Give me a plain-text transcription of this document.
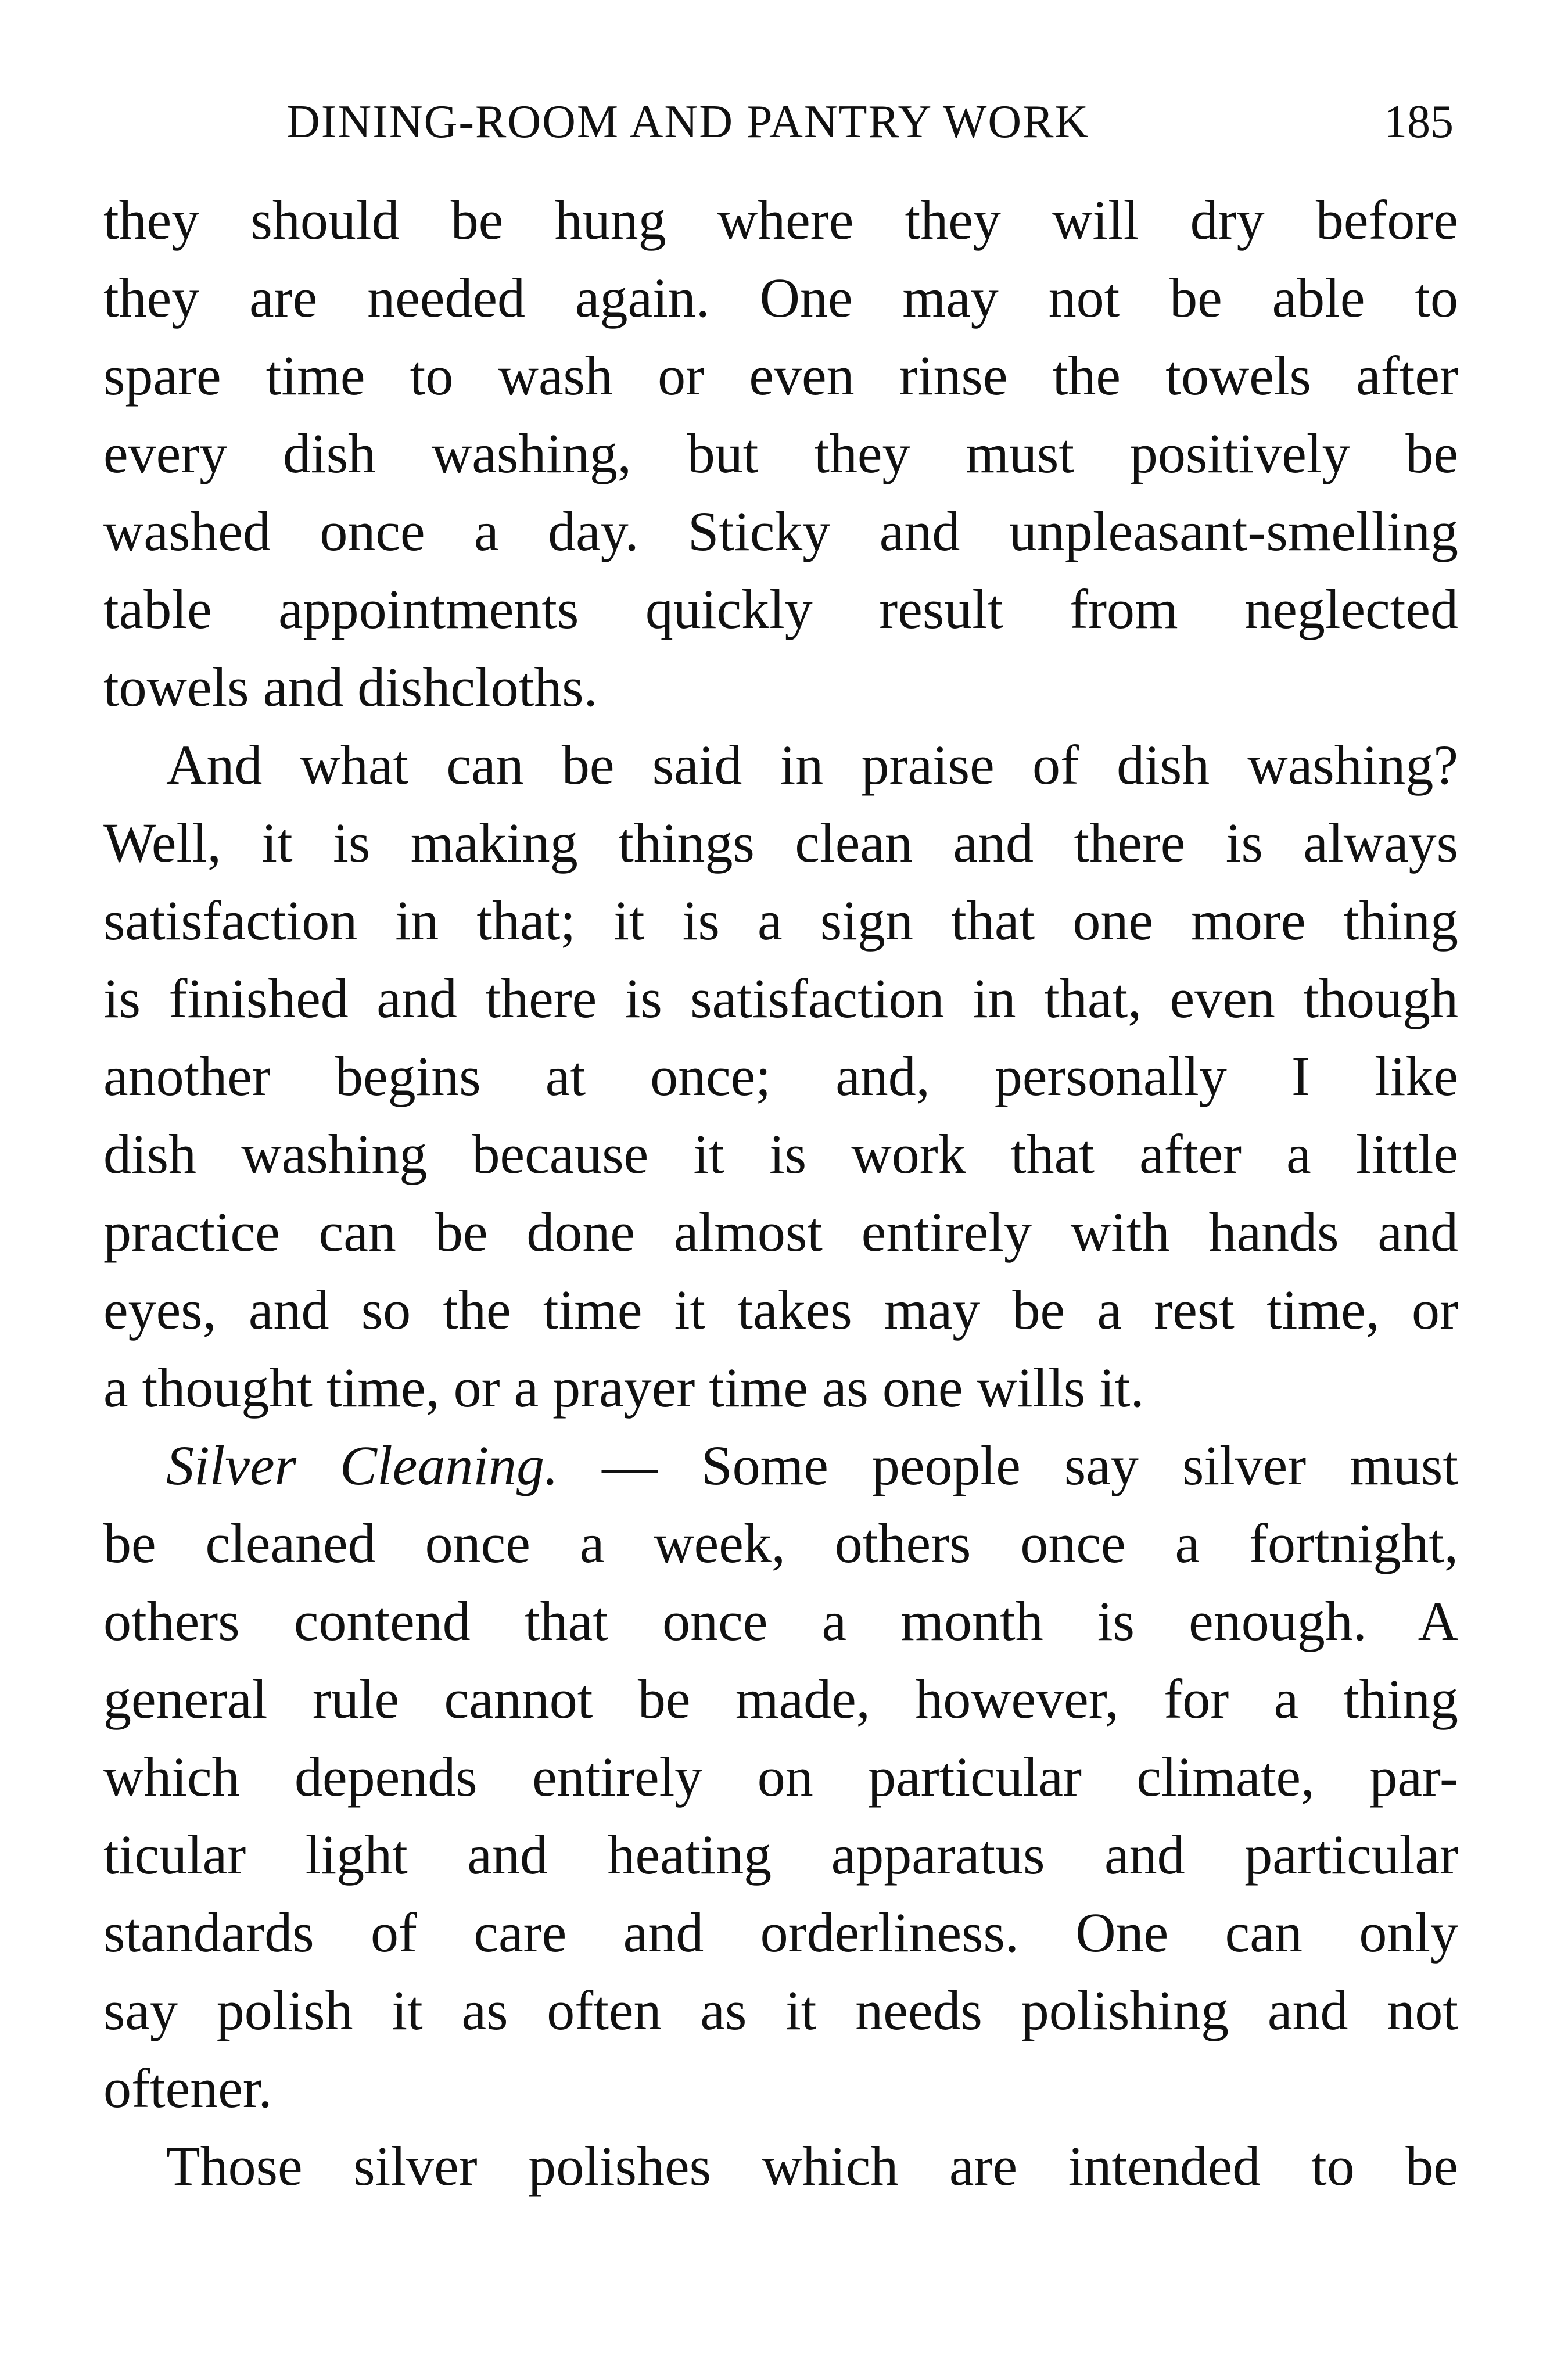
DINING-ROOM AND PANTRY WORK	185
they should be hung where they will dry before
they are needed again. One may not be able to
spare time to wash or even rinse the towels after
every dish washing, but they must positively be
washed once a day. Sticky and unpleasant-smelling
table appointments quickly result from neglected
towels and dishcloths.
And what can be said in praise of dish washing?
Well, it is making things clean and there is always
satisfaction in that; it is a sign that one more thing
is finished and there is satisfaction in that, even though
another begins at once; and, personally I like
dish washing because it is work that after a little
practice can be done almost entirely with hands and
eyes, and so the time it takes may be a rest time, or
a thought time, or a prayer time as one wills it.
Silver Cleaning. — Some people say silver must
be cleaned once a week, others once a fortnight,
others contend that once a month is enough. A
general rule cannot be made, however, for a thing
which depends entirely on particular climate, par-
ticular light and heating apparatus and particular
standards of care and orderliness. One can only
say polish it as often as it needs polishing and not
oftener.
Those silver polishes which are intended to be
